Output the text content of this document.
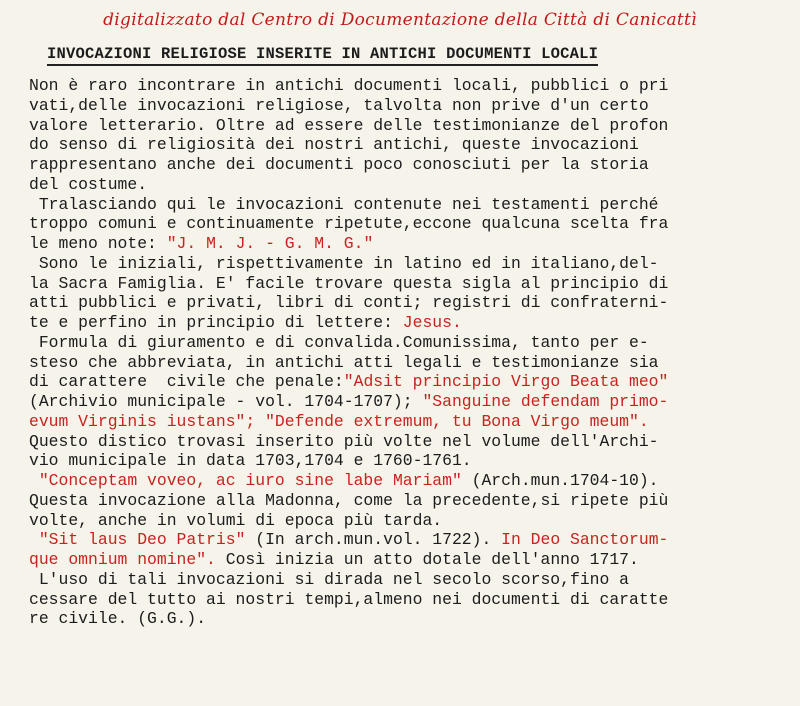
digitalizzato dal Centro di Documentazione della Città di Canicattì
INVOCAZIONI RELIGIOSE INSERITE IN ANTICHI DOCUMENTI LOCALI
Non è raro incontrare in antichi documenti locali, pubblici o pri
vati,delle invocazioni religiose, talvolta non prive d'un certo
valore letterario. Oltre ad essere delle testimonianze del profon
do senso di religiosità dei nostri antichi, queste invocazioni
rappresentano anche dei documenti poco conosciuti per la storia
del costume.
Tralasciando qui le invocazioni contenute nei testamenti perché
troppo comuni e continuamente ripetute,eccone qualcuna scelta fra
le meno note: "J. M. J. - G. M. G."
Sono le iniziali, rispettivamente in latino ed in italiano,del-
la Sacra Famiglia. E' facile trovare questa sigla al principio di
atti pubblici e privati, libri di conti; registri di confraterni-
te e perfino in principio di lettere: Jesus.
Formula di giuramento e di convalida.Comunissima, tanto per e-
steso che abbreviata, in antichi atti legali e testimonianze sia
di carattere  civile che penale:"Adsit principio Virgo Beata meo"
(Archivio municipale - vol. 1704-1707); "Sanguine defendam primo-
evum Virginis iustans"; "Defende extremum, tu Bona Virgo meum".
Questo distico trovasi inserito più volte nel volume dell'Archi-
vio municipale in data 1703,1704 e 1760-1761.
"Conceptam voveo, ac iuro sine labe Mariam" (Arch.mun.1704-10).
Questa invocazione alla Madonna, come la precedente,si ripete più
volte, anche in volumi di epoca più tarda.
"Sit laus Deo Patris" (In arch.mun.vol. 1722). In Deo Sanctorum-
que omnium nomine". Così inizia un atto dotale dell'anno 1717.
L'uso di tali invocazioni si dirada nel secolo scorso,fino a
cessare del tutto ai nostri tempi,almeno nei documenti di caratte
re civile. (G.G.).
